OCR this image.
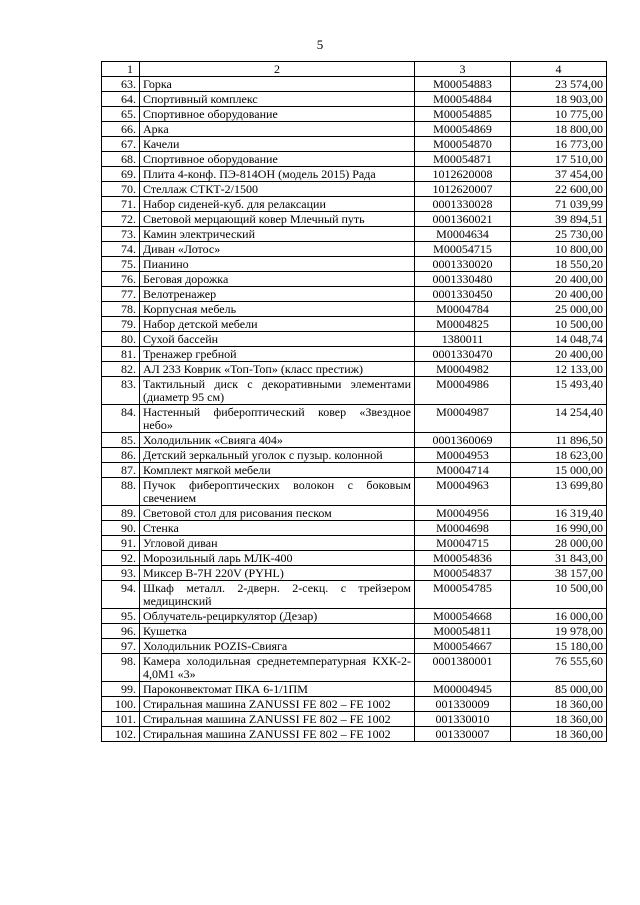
5
1	2	3	4
63.	Горка	M00054883	23 574,00
64.	Спортивный комплекс	M00054884	18 903,00
65.	Спортивное оборудование	M00054885	10 775,00
66.	Арка	M00054869	18 800,00
67.	Качели	M00054870	16 773,00
68.	Спортивное оборудование	M00054871	17 510,00
69.	Плита 4-конф. ПЭ-814ОН (модель 2015) Рада	1012620008	37 454,00
70.	Стеллаж СТКТ-2/1500	1012620007	22 600,00
71.	Набор сиденей-куб. для релаксации	0001330028	71 039,99
72.	Световой мерцающий ковер Млечный путь	0001360021	39 894,51
73.	Камин электрический	M0004634	25 730,00
74.	Диван «Лотос»	M00054715	10 800,00
75.	Пианино	0001330020	18 550,20
76.	Беговая дорожка	0001330480	20 400,00
77.	Велотренажер	0001330450	20 400,00
78.	Корпусная мебель	M0004784	25 000,00
79.	Набор детской мебели	M0004825	10 500,00
80.	Сухой бассейн	1380011	14 048,74
81.	Тренажер гребной	0001330470	20 400,00
82.	АЛ 233 Коврик «Топ-Топ» (класс престиж)	M0004982	12 133,00
83.	Тактильный диск с декоративными элементами (диаметр 95 см)	M0004986	15 493,40
84.	Настенный фибероптический ковер «Звездное небо»	M0004987	14 254,40
85.	Холодильник «Свияга 404»	0001360069	11 896,50
86.	Детский зеркальный уголок с пузыр. колонной	M0004953	18 623,00
87.	Комплект мягкой мебели	M0004714	15 000,00
88.	Пучок фибероптических волокон с боковым свечением	M0004963	13 699,80
89.	Световой стол для рисования песком	M0004956	16 319,40
90.	Стенка	M0004698	16 990,00
91.	Угловой диван	M0004715	28 000,00
92.	Морозильный ларь МЛК-400	M00054836	31 843,00
93.	Миксер В-7Н 220V (PYHL)	M00054837	38 157,00
94.	Шкаф металл. 2-дверн. 2-секц. с трейзером медицинский	M00054785	10 500,00
95.	Облучатель-рециркулятор (Дезар)	M00054668	16 000,00
96.	Кушетка	M00054811	19 978,00
97.	Холодильник POZIS-Свияга	M00054667	15 180,00
98.	Камера холодильная среднетемпературная КХК-2-4,0М1 «3»	0001380001	76 555,60
99.	Пароконвектомат ПКА 6-1/1ПМ	M00004945	85 000,00
100.	Стиральная машина ZANUSSI FE 802 – FE 1002	001330009	18 360,00
101.	Стиральная машина ZANUSSI FE 802 – FE 1002	001330010	18 360,00
102.	Стиральная машина ZANUSSI FE 802 – FE 1002	001330007	18 360,00
